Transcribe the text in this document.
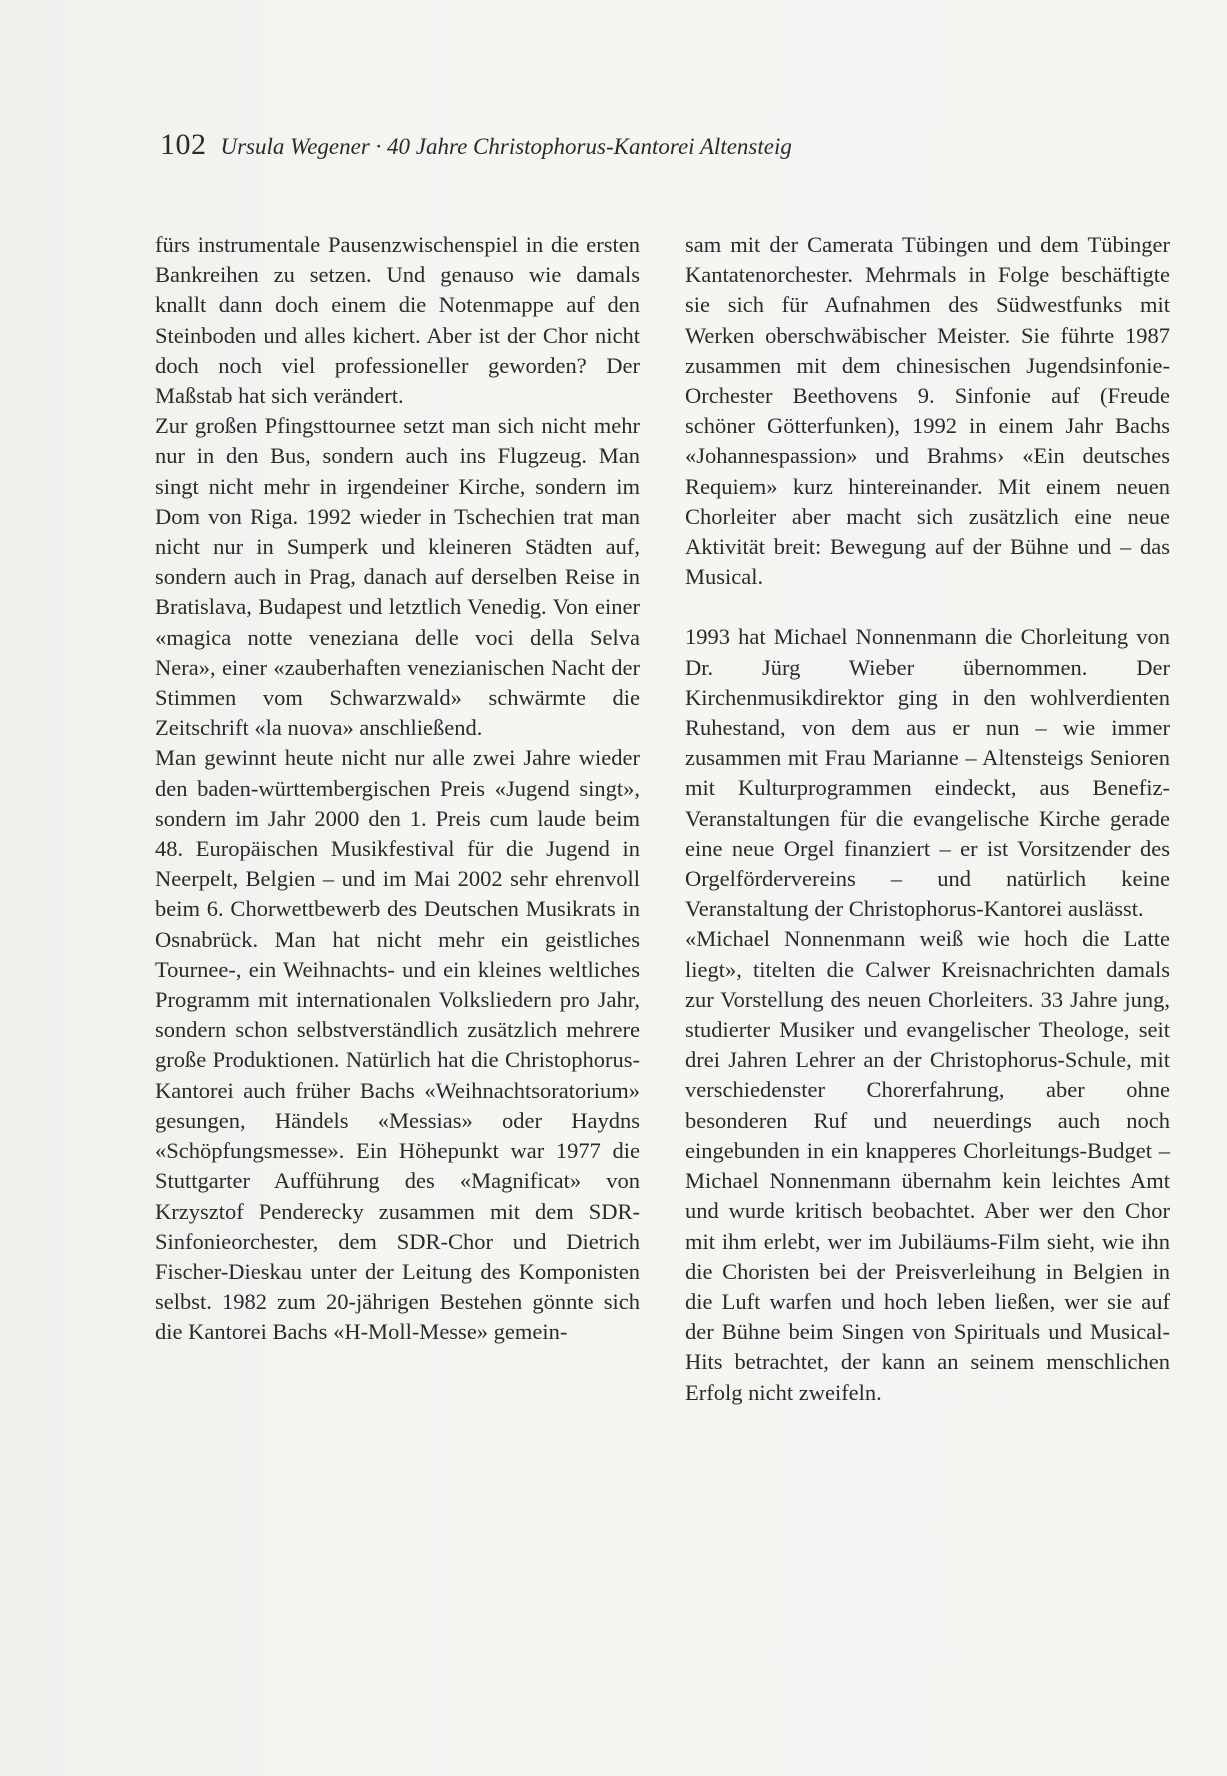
102 Ursula Wegener · 40 Jahre Christophorus-Kantorei Altensteig

fürs instrumentale Pausenzwischenspiel in die ersten Bankreihen zu setzen. Und genauso wie damals knallt dann doch einem die Notenmappe auf den Steinboden und alles kichert. Aber ist der Chor nicht doch noch viel professioneller geworden? Der Maßstab hat sich verändert.

Zur großen Pfingsttournee setzt man sich nicht mehr nur in den Bus, sondern auch ins Flugzeug. Man singt nicht mehr in irgendeiner Kirche, sondern im Dom von Riga. 1992 wieder in Tschechien trat man nicht nur in Sumperk und kleineren Städten auf, sondern auch in Prag, danach auf derselben Reise in Bratislava, Budapest und letztlich Venedig. Von einer «magica notte veneziana delle voci della Selva Nera», einer «zauberhaften venezianischen Nacht der Stimmen vom Schwarzwald» schwärmte die Zeitschrift «la nuova» anschließend.

Man gewinnt heute nicht nur alle zwei Jahre wieder den baden-württembergischen Preis «Jugend singt», sondern im Jahr 2000 den 1. Preis cum laude beim 48. Europäischen Musikfestival für die Jugend in Neerpelt, Belgien – und im Mai 2002 sehr ehrenvoll beim 6. Chorwettbewerb des Deutschen Musikrats in Osnabrück. Man hat nicht mehr ein geistliches Tournee-, ein Weihnachts- und ein kleines weltliches Programm mit internationalen Volksliedern pro Jahr, sondern schon selbstverständlich zusätzlich mehrere große Produktionen. Natürlich hat die Christophorus-Kantorei auch früher Bachs «Weihnachtsoratorium» gesungen, Händels «Messias» oder Haydns «Schöpfungsmesse». Ein Höhepunkt war 1977 die Stuttgarter Aufführung des «Magnificat» von Krzysztof Penderecky zusammen mit dem SDR-Sinfonieorchester, dem SDR-Chor und Dietrich Fischer-Dieskau unter der Leitung des Komponisten selbst. 1982 zum 20-jährigen Bestehen gönnte sich die Kantorei Bachs «H-Moll-Messe» gemein-

sam mit der Camerata Tübingen und dem Tübinger Kantatenorchester. Mehrmals in Folge beschäftigte sie sich für Aufnahmen des Südwestfunks mit Werken oberschwäbischer Meister. Sie führte 1987 zusammen mit dem chinesischen Jugendsinfonie-Orchester Beethovens 9. Sinfonie auf (Freude schöner Götterfunken), 1992 in einem Jahr Bachs «Johannespassion» und Brahms› «Ein deutsches Requiem» kurz hintereinander. Mit einem neuen Chorleiter aber macht sich zusätzlich eine neue Aktivität breit: Bewegung auf der Bühne und – das Musical.

1993 hat Michael Nonnenmann die Chorleitung von Dr. Jürg Wieber übernommen. Der Kirchenmusikdirektor ging in den wohlverdienten Ruhestand, von dem aus er nun – wie immer zusammen mit Frau Marianne – Altensteigs Senioren mit Kulturprogrammen eindeckt, aus Benefiz-Veranstaltungen für die evangelische Kirche gerade eine neue Orgel finanziert – er ist Vorsitzender des Orgelfördervereins – und natürlich keine Veranstaltung der Christophorus-Kantorei auslässt.

«Michael Nonnenmann weiß wie hoch die Latte liegt», titelten die Calwer Kreisnachrichten damals zur Vorstellung des neuen Chorleiters. 33 Jahre jung, studierter Musiker und evangelischer Theologe, seit drei Jahren Lehrer an der Christophorus-Schule, mit verschiedenster Chorerfahrung, aber ohne besonderen Ruf und neuerdings auch noch eingebunden in ein knapperes Chorleitungs-Budget – Michael Nonnenmann übernahm kein leichtes Amt und wurde kritisch beobachtet. Aber wer den Chor mit ihm erlebt, wer im Jubiläums-Film sieht, wie ihn die Choristen bei der Preisverleihung in Belgien in die Luft warfen und hoch leben ließen, wer sie auf der Bühne beim Singen von Spirituals und Musical-Hits betrachtet, der kann an seinem menschlichen Erfolg nicht zweifeln.
